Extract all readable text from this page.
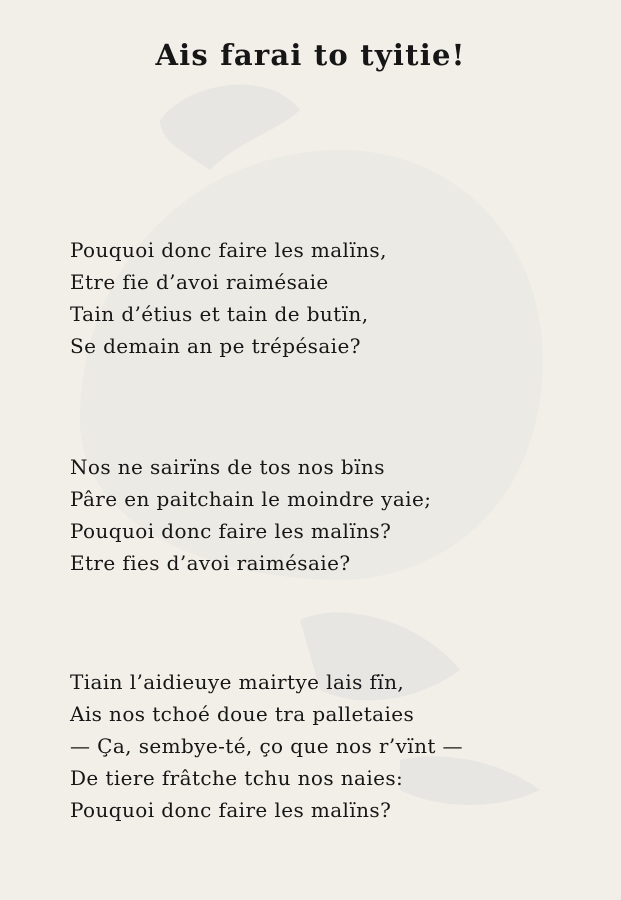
Ais farai to tyitie!
Pouquoi donc faire les malïns,
Etre fie d’avoi raimésaie
Tain d’étius et tain de butïn,
Se demain an pe trépésaie?
Nos ne sairïns de tos nos bïns
Pâre en paitchain le moindre yaie;
Pouquoi donc faire les malïns?
Etre fies d’avoi raimésaie?
Tiain l’aidieuye mairtye lais fïn,
Ais nos tchoé doue tra palletaies
— Ça, sembye-té, ço que nos r’vïnt —
De tiere frâtche tchu nos naies:
Pouquoi donc faire les malïns?
